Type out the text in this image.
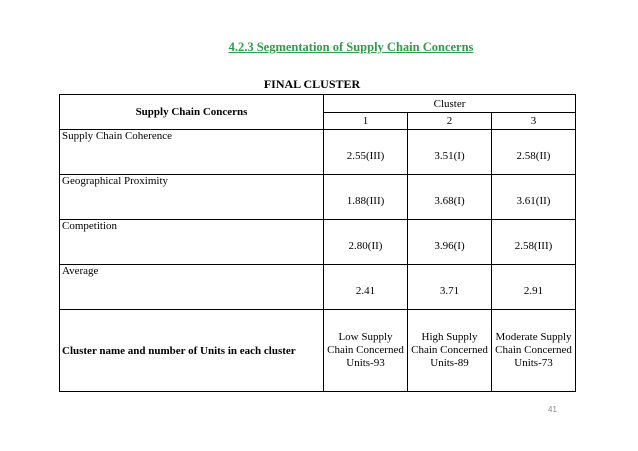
4.2.3 Segmentation of Supply Chain Concerns
FINAL CLUSTER
Supply Chain Concerns	Cluster		
	1	2	3
Supply Chain Coherence	2.55(III)	3.51(I)	2.58(II)
Geographical Proximity	1.88(III)	3.68(I)	3.61(II)
Competition	2.80(II)	3.96(I)	2.58(III)
Average	2.41	3.71	2.91
Cluster name and number of Units in each cluster	Low Supply Chain Concerned Units-93	High Supply Chain Concerned Units-89	Moderate Supply Chain Concerned Units-73
41
